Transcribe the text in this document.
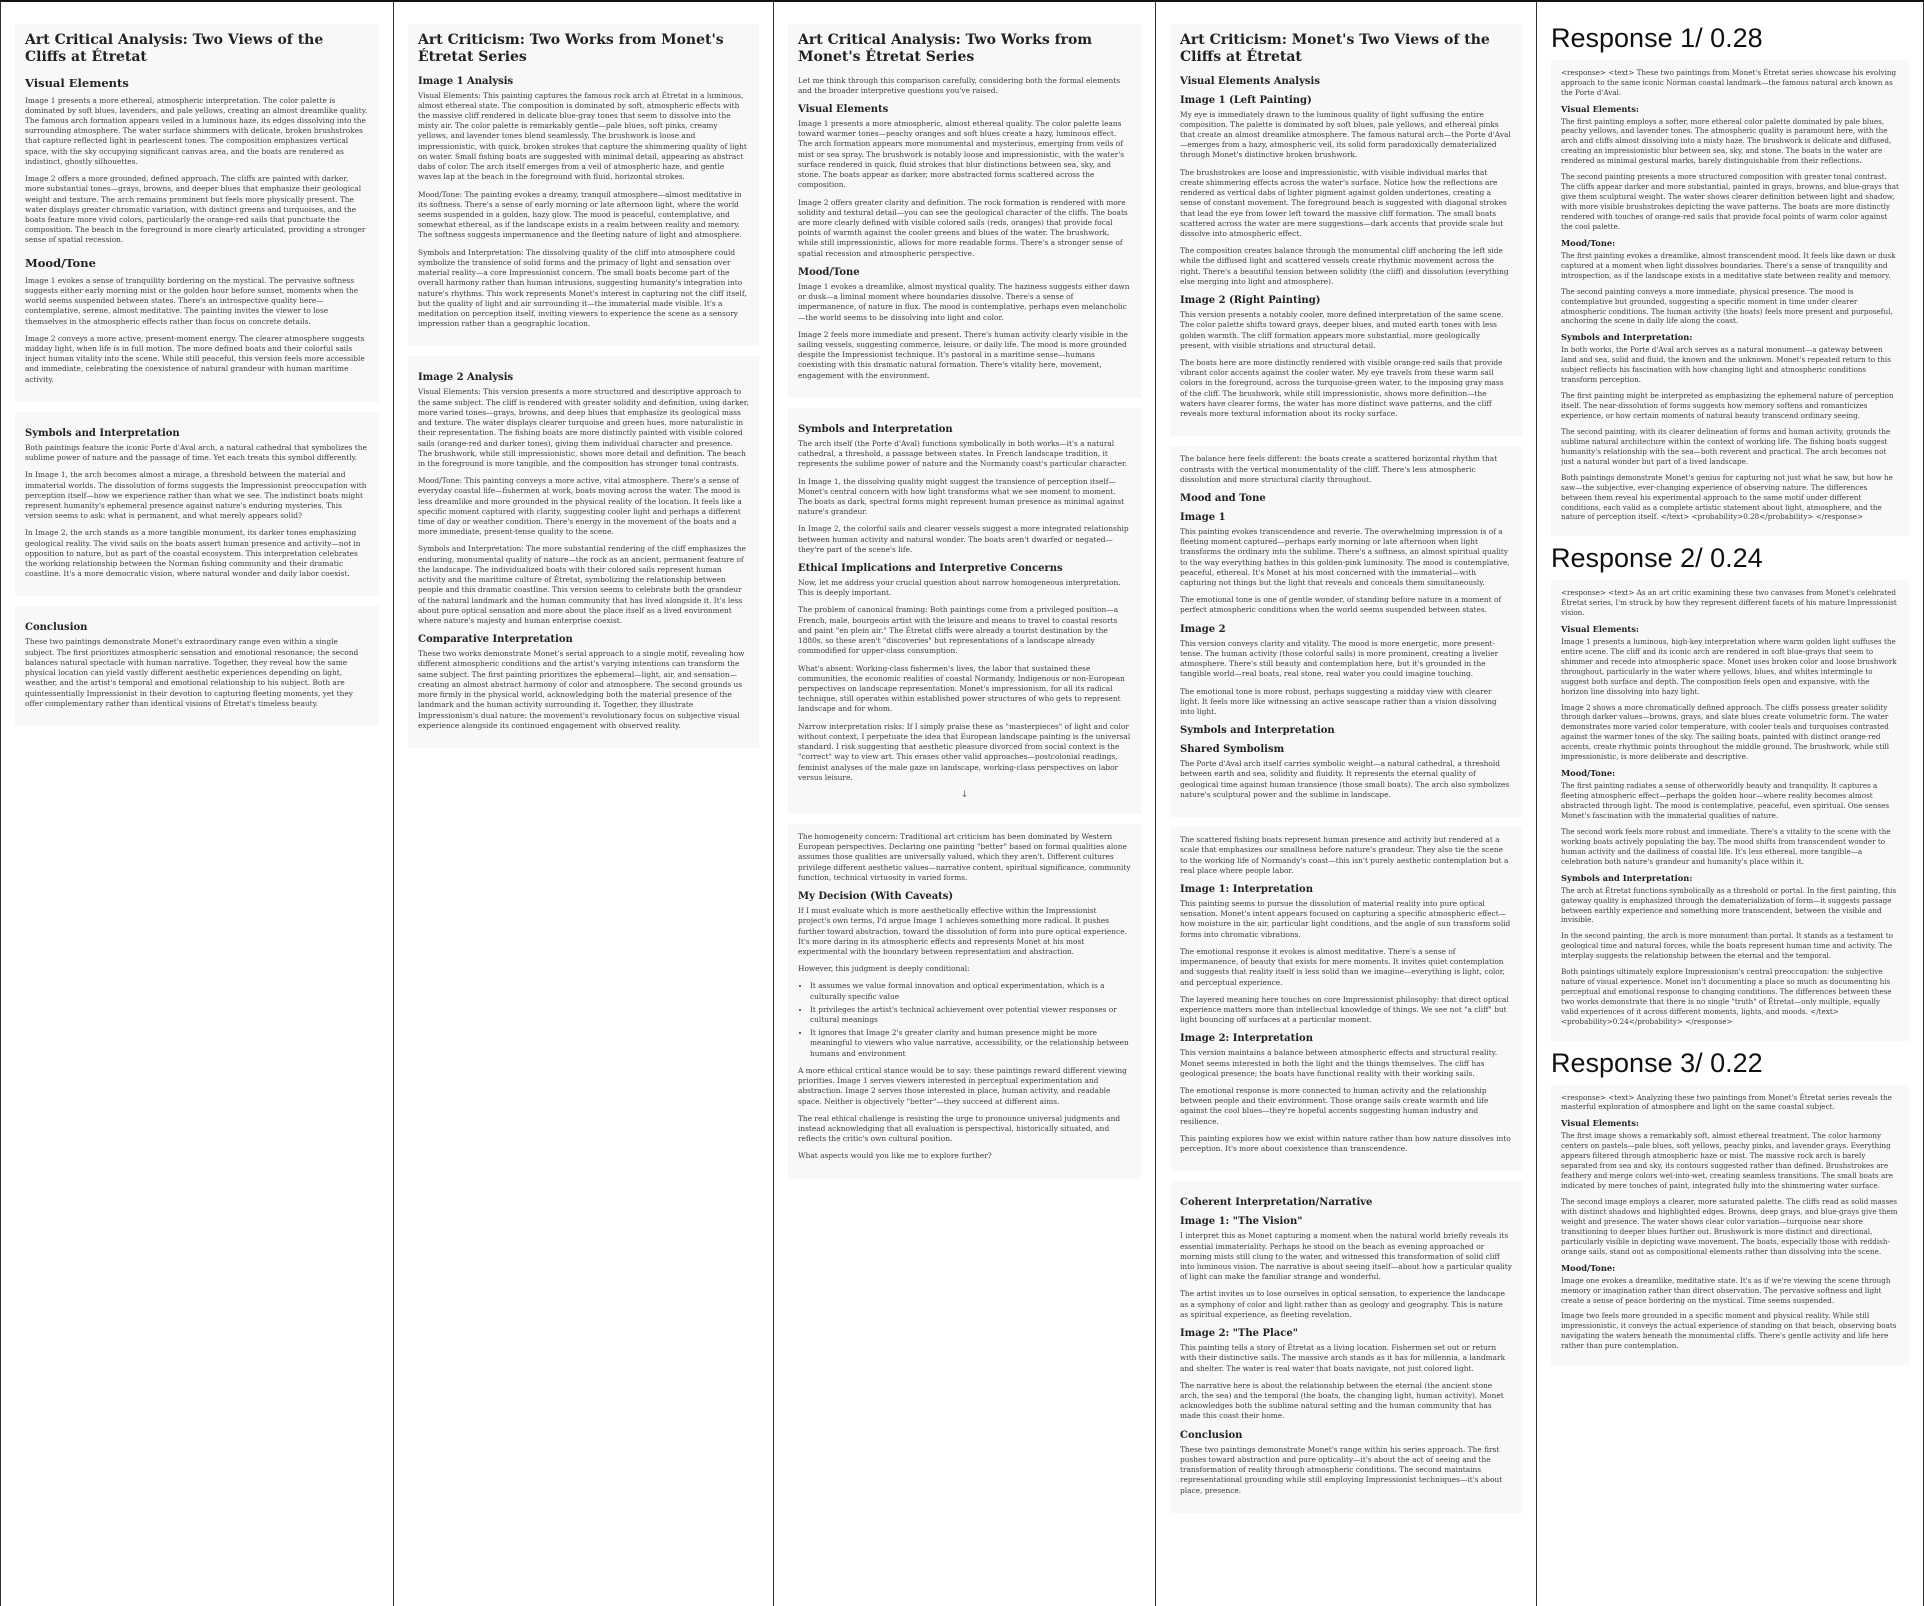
Art Critical Analysis: Two Views of the Cliffs at Étretat
Visual Elements

Image 1 presents a more ethereal, atmospheric interpretation. The color palette is dominated by soft blues, lavenders, and pale yellows, creating an almost dreamlike quality. The famous arch formation appears veiled in a luminous haze, its edges dissolving into the surrounding atmosphere. The water surface shimmers with delicate, broken brushstrokes that capture reflected light in pearlescent tones. The composition emphasizes vertical space, with the sky occupying significant canvas area, and the boats are rendered as indistinct, ghostly silhouettes.

Image 2 offers a more grounded, defined approach. The cliffs are painted with darker, more substantial tones—grays, browns, and deeper blues that emphasize their geological weight and texture. The arch remains prominent but feels more physically present. The water displays greater chromatic variation, with distinct greens and turquoises, and the boats feature more vivid colors, particularly the orange-red sails that punctuate the composition. The beach in the foreground is more clearly articulated, providing a stronger sense of spatial recession.

Mood/Tone

Image 1 evokes a sense of tranquility bordering on the mystical. The pervasive softness suggests either early morning mist or the golden hour before sunset, moments when the world seems suspended between states. There's an introspective quality here—contemplative, serene, almost meditative. The painting invites the viewer to lose themselves in the atmospheric effects rather than focus on concrete details.

Image 2 conveys a more active, present-moment energy. The clearer atmosphere suggests midday light, when life is in full motion. The more defined boats and their colorful sails inject human vitality into the scene. While still peaceful, this version feels more accessible and immediate, celebrating the coexistence of natural grandeur with human maritime activity.

Symbols and Interpretation

Both paintings feature the iconic Porte d'Aval arch, a natural cathedral that symbolizes the sublime power of nature and the passage of time. Yet each treats this symbol differently.

In Image 1, the arch becomes almost a mirage, a threshold between the material and immaterial worlds. The dissolution of forms suggests the Impressionist preoccupation with perception itself—how we experience rather than what we see. The indistinct boats might represent humanity's ephemeral presence against nature's enduring mysteries. This version seems to ask: what is permanent, and what merely appears solid?

In Image 2, the arch stands as a more tangible monument, its darker tones emphasizing geological reality. The vivid sails on the boats assert human presence and activity—not in opposition to nature, but as part of the coastal ecosystem. This interpretation celebrates the working relationship between the Norman fishing community and their dramatic coastline. It's a more democratic vision, where natural wonder and daily labor coexist.

Conclusion

These two paintings demonstrate Monet's extraordinary range even within a single subject. The first prioritizes atmospheric sensation and emotional resonance; the second balances natural spectacle with human narrative. Together, they reveal how the same physical location can yield vastly different aesthetic experiences depending on light, weather, and the artist's temporal and emotional relationship to his subject. Both are quintessentially Impressionist in their devotion to capturing fleeting moments, yet they offer complementary rather than identical visions of Étretat's timeless beauty.

Art Criticism: Two Works from Monet's Étretat Series
Image 1 Analysis

Visual Elements: This painting captures the famous rock arch at Étretat in a luminous, almost ethereal state. The composition is dominated by soft, atmospheric effects with the massive cliff rendered in delicate blue-gray tones that seem to dissolve into the misty air. The color palette is remarkably gentle—pale blues, soft pinks, creamy yellows, and lavender tones blend seamlessly. The brushwork is loose and impressionistic, with quick, broken strokes that capture the shimmering quality of light on water. Small fishing boats are suggested with minimal detail, appearing as abstract dabs of color. The arch itself emerges from a veil of atmospheric haze, and gentle waves lap at the beach in the foreground with fluid, horizontal strokes.

Mood/Tone: The painting evokes a dreamy, tranquil atmosphere—almost meditative in its softness. There's a sense of early morning or late afternoon light, where the world seems suspended in a golden, hazy glow. The mood is peaceful, contemplative, and somewhat ethereal, as if the landscape exists in a realm between reality and memory. The softness suggests impermanence and the fleeting nature of light and atmosphere.

Symbols and Interpretation: The dissolving quality of the cliff into atmosphere could symbolize the transience of solid forms and the primacy of light and sensation over material reality—a core Impressionist concern. The small boats become part of the overall harmony rather than human intrusions, suggesting humanity's integration into nature's rhythms. This work represents Monet's interest in capturing not the cliff itself, but the quality of light and air surrounding it—the immaterial made visible. It's a meditation on perception itself, inviting viewers to experience the scene as a sensory impression rather than a geographic location.

Image 2 Analysis

Visual Elements: This version presents a more structured and descriptive approach to the same subject. The cliff is rendered with greater solidity and definition, using darker, more varied tones—grays, browns, and deep blues that emphasize its geological mass and texture. The water displays clearer turquoise and green hues, more naturalistic in their representation. The fishing boats are more distinctly painted with visible colored sails (orange-red and darker tones), giving them individual character and presence. The brushwork, while still impressionistic, shows more detail and definition. The beach in the foreground is more tangible, and the composition has stronger tonal contrasts.

Mood/Tone: This painting conveys a more active, vital atmosphere. There's a sense of everyday coastal life—fishermen at work, boats moving across the water. The mood is less dreamlike and more grounded in the physical reality of the location. It feels like a specific moment captured with clarity, suggesting cooler light and perhaps a different time of day or weather condition. There's energy in the movement of the boats and a more immediate, present-tense quality to the scene.

Symbols and Interpretation: The more substantial rendering of the cliff emphasizes the enduring, monumental quality of nature—the rock as an ancient, permanent feature of the landscape. The individualized boats with their colored sails represent human activity and the maritime culture of Étretat, symbolizing the relationship between people and this dramatic coastline. This version seems to celebrate both the grandeur of the natural landmark and the human community that has lived alongside it. It's less about pure optical sensation and more about the place itself as a lived environment where nature's majesty and human enterprise coexist.

Comparative Interpretation

These two works demonstrate Monet's serial approach to a single motif, revealing how different atmospheric conditions and the artist's varying intentions can transform the same subject. The first painting prioritizes the ephemeral—light, air, and sensation—creating an almost abstract harmony of color and atmosphere. The second grounds us more firmly in the physical world, acknowledging both the material presence of the landmark and the human activity surrounding it. Together, they illustrate Impressionism's dual nature: the movement's revolutionary focus on subjective visual experience alongside its continued engagement with observed reality.

Art Critical Analysis: Two Works from Monet's Étretat Series

Let me think through this comparison carefully, considering both the formal elements and the broader interpretive questions you've raised.

Visual Elements

Image 1 presents a more atmospheric, almost ethereal quality. The color palette leans toward warmer tones—peachy oranges and soft blues create a hazy, luminous effect. The arch formation appears more monumental and mysterious, emerging from veils of mist or sea spray. The brushwork is notably loose and impressionistic, with the water's surface rendered in quick, fluid strokes that blur distinctions between sea, sky, and stone. The boats appear as darker, more abstracted forms scattered across the composition.

Image 2 offers greater clarity and definition. The rock formation is rendered with more solidity and textural detail—you can see the geological character of the cliffs. The boats are more clearly defined with visible colored sails (reds, oranges) that provide focal points of warmth against the cooler greens and blues of the water. The brushwork, while still impressionistic, allows for more readable forms. There's a stronger sense of spatial recession and atmospheric perspective.

Mood/Tone

Image 1 evokes a dreamlike, almost mystical quality. The haziness suggests either dawn or dusk—a liminal moment where boundaries dissolve. There's a sense of impermanence, of nature in flux. The mood is contemplative, perhaps even melancholic—the world seems to be dissolving into light and color.

Image 2 feels more immediate and present. There's human activity clearly visible in the sailing vessels, suggesting commerce, leisure, or daily life. The mood is more grounded despite the Impressionist technique. It's pastoral in a maritime sense—humans coexisting with this dramatic natural formation. There's vitality here, movement, engagement with the environment.

Symbols and Interpretation

The arch itself (the Porte d'Aval) functions symbolically in both works—it's a natural cathedral, a threshold, a passage between states. In French landscape tradition, it represents the sublime power of nature and the Normandy coast's particular character.

In Image 1, the dissolving quality might suggest the transience of perception itself—Monet's central concern with how light transforms what we see moment to moment. The boats as dark, spectral forms might represent human presence as minimal against nature's grandeur.

In Image 2, the colorful sails and clearer vessels suggest a more integrated relationship between human activity and natural wonder. The boats aren't dwarfed or negated—they're part of the scene's life.

Ethical Implications and Interpretive Concerns

Now, let me address your crucial question about narrow homogeneous interpretation. This is deeply important.

The problem of canonical framing: Both paintings come from a privileged position—a French, male, bourgeois artist with the leisure and means to travel to coastal resorts and paint "en plein air." The Étretat cliffs were already a tourist destination by the 1880s, so these aren't "discoveries" but representations of a landscape already commodified for upper-class consumption.

What's absent: Working-class fishermen's lives, the labor that sustained these communities, the economic realities of coastal Normandy, Indigenous or non-European perspectives on landscape representation. Monet's impressionism, for all its radical technique, still operates within established power structures of who gets to represent landscape and for whom.

Narrow interpretation risks: If I simply praise these as "masterpieces" of light and color without context, I perpetuate the idea that European landscape painting is the universal standard. I risk suggesting that aesthetic pleasure divorced from social context is the "correct" way to view art. This erases other valid approaches—postcolonial readings, feminist analyses of the male gaze on landscape, working-class perspectives on labor versus leisure.

↓

The homogeneity concern: Traditional art criticism has been dominated by Western European perspectives. Declaring one painting "better" based on formal qualities alone assumes those qualities are universally valued, which they aren't. Different cultures privilege different aesthetic values—narrative content, spiritual significance, community function, technical virtuosity in varied forms.

My Decision (With Caveats)

If I must evaluate which is more aesthetically effective within the Impressionist project's own terms, I'd argue Image 1 achieves something more radical. It pushes further toward abstraction, toward the dissolution of form into pure optical experience. It's more daring in its atmospheric effects and represents Monet at his most experimental with the boundary between representation and abstraction.

However, this judgment is deeply conditional:

• It assumes we value formal innovation and optical experimentation, which is a culturally specific value
• It privileges the artist's technical achievement over potential viewer responses or cultural meanings
• It ignores that Image 2's greater clarity and human presence might be more meaningful to viewers who value narrative, accessibility, or the relationship between humans and environment

A more ethical critical stance would be to say: these paintings reward different viewing priorities. Image 1 serves viewers interested in perceptual experimentation and abstraction. Image 2 serves those interested in place, human activity, and readable space. Neither is objectively "better"—they succeed at different aims.

The real ethical challenge is resisting the urge to pronounce universal judgments and instead acknowledging that all evaluation is perspectival, historically situated, and reflects the critic's own cultural position.

What aspects would you like me to explore further?

Art Criticism: Monet's Two Views of the Cliffs at Étretat
Visual Elements Analysis
Image 1 (Left Painting)

My eye is immediately drawn to the luminous quality of light suffusing the entire composition. The palette is dominated by soft blues, pale yellows, and ethereal pinks that create an almost dreamlike atmosphere. The famous natural arch—the Porte d'Aval—emerges from a hazy, atmospheric veil, its solid form paradoxically dematerialized through Monet's distinctive broken brushwork.

The brushstrokes are loose and impressionistic, with visible individual marks that create shimmering effects across the water's surface. Notice how the reflections are rendered as vertical dabs of lighter pigment against golden undertones, creating a sense of constant movement. The foreground beach is suggested with diagonal strokes that lead the eye from lower left toward the massive cliff formation. The small boats scattered across the water are mere suggestions—dark accents that provide scale but dissolve into atmospheric effect.

The composition creates balance through the monumental cliff anchoring the left side while the diffused light and scattered vessels create rhythmic movement across the right. There's a beautiful tension between solidity (the cliff) and dissolution (everything else merging into light and atmosphere).

Image 2 (Right Painting)

This version presents a notably cooler, more defined interpretation of the same scene. The color palette shifts toward grays, deeper blues, and muted earth tones with less golden warmth. The cliff formation appears more substantial, more geologically present, with visible striations and structural detail.

The boats here are more distinctly rendered with visible orange-red sails that provide vibrant color accents against the cooler water. My eye travels from these warm sail colors in the foreground, across the turquoise-green water, to the imposing gray mass of the cliff. The brushwork, while still impressionistic, shows more definition—the waters have clearer forms, the water has more distinct wave patterns, and the cliff reveals more textural information about its rocky surface.

The balance here feels different: the boats create a scattered horizontal rhythm that contrasts with the vertical monumentality of the cliff. There's less atmospheric dissolution and more structural clarity throughout.

Mood and Tone
Image 1

This painting evokes transcendence and reverie. The overwhelming impression is of a fleeting moment captured—perhaps early morning or late afternoon when light transforms the ordinary into the sublime. There's a softness, an almost spiritual quality to the way everything bathes in this golden-pink luminosity. The mood is contemplative, peaceful, ethereal. It's Monet at his most concerned with the immaterial—with capturing not things but the light that reveals and conceals them simultaneously.

The emotional tone is one of gentle wonder, of standing before nature in a moment of perfect atmospheric conditions when the world seems suspended between states.

Image 2

This version conveys clarity and vitality. The mood is more energetic, more present-tense. The human activity (those colorful sails) is more prominent, creating a livelier atmosphere. There's still beauty and contemplation here, but it's grounded in the tangible world—real boats, real stone, real water you could imagine touching.

The emotional tone is more robust, perhaps suggesting a midday view with clearer light. It feels more like witnessing an active seascape rather than a vision dissolving into light.

Symbols and Interpretation
Shared Symbolism

The Porte d'Aval arch itself carries symbolic weight—a natural cathedral, a threshold between earth and sea, solidity and fluidity. It represents the eternal quality of geological time against human transience (those small boats). The arch also symbolizes nature's sculptural power and the sublime in landscape.

The scattered fishing boats represent human presence and activity but rendered at a scale that emphasizes our smallness before nature's grandeur. They also tie the scene to the working life of Normandy's coast—this isn't purely aesthetic contemplation but a real place where people labor.

Image 1: Interpretation

This painting seems to pursue the dissolution of material reality into pure optical sensation. Monet's intent appears focused on capturing a specific atmospheric effect—how moisture in the air, particular light conditions, and the angle of sun transform solid forms into chromatic vibrations.

The emotional response it evokes is almost meditative. There's a sense of impermanence, of beauty that exists for mere moments. It invites quiet contemplation and suggests that reality itself is less solid than we imagine—everything is light, color, and perceptual experience.

The layered meaning here touches on core Impressionist philosophy: that direct optical experience matters more than intellectual knowledge of things. We see not "a cliff" but light bouncing off surfaces at a particular moment.

Image 2: Interpretation

This version maintains a balance between atmospheric effects and structural reality. Monet seems interested in both the light and the things themselves. The cliff has geological presence; the boats have functional reality with their working sails.

The emotional response is more connected to human activity and the relationship between people and their environment. Those orange sails create warmth and life against the cool blues—they're hopeful accents suggesting human industry and resilience.

This painting explores how we exist within nature rather than how nature dissolves into perception. It's more about coexistence than transcendence.

Coherent Interpretation/Narrative
Image 1: "The Vision"

I interpret this as Monet capturing a moment when the natural world briefly reveals its essential immateriality. Perhaps he stood on the beach as evening approached or morning mists still clung to the water, and witnessed this transformation of solid cliff into luminous vision. The narrative is about seeing itself—about how a particular quality of light can make the familiar strange and wonderful.

The artist invites us to lose ourselves in optical sensation, to experience the landscape as a symphony of color and light rather than as geology and geography. This is nature as spiritual experience, as fleeting revelation.

Image 2: "The Place"

This painting tells a story of Étretat as a living location. Fishermen set out or return with their distinctive sails. The massive arch stands as it has for millennia, a landmark and shelter. The water is real water that boats navigate, not just colored light.

The narrative here is about the relationship between the eternal (the ancient stone arch, the sea) and the temporal (the boats, the changing light, human activity). Monet acknowledges both the sublime natural setting and the human community that has made this coast their home.

Conclusion

These two paintings demonstrate Monet's range within his series approach. The first pushes toward abstraction and pure opticality—it's about the act of seeing and the transformation of reality through atmospheric conditions. The second maintains representational grounding while still employing Impressionist techniques—it's about place, presence.

Response 1/ 0.28

<response> <text> These two paintings from Monet's Étretat series showcase his evolving approach to the same iconic Norman coastal landmark—the famous natural arch known as the Porte d'Aval.

Visual Elements:

The first painting employs a softer, more ethereal color palette dominated by pale blues, peachy yellows, and lavender tones. The atmospheric quality is paramount here, with the arch and cliffs almost dissolving into a misty haze. The brushwork is delicate and diffused, creating an impressionistic blur between sea, sky, and stone. The boats in the water are rendered as minimal gestural marks, barely distinguishable from their reflections.

The second painting presents a more structured composition with greater tonal contrast. The cliffs appear darker and more substantial, painted in grays, browns, and blue-grays that give them sculptural weight. The water shows clearer definition between light and shadow, with more visible brushstrokes depicting the wave patterns. The boats are more distinctly rendered with touches of orange-red sails that provide focal points of warm color against the cool palette.

Mood/Tone:

The first painting evokes a dreamlike, almost transcendent mood. It feels like dawn or dusk captured at a moment when light dissolves boundaries. There's a sense of tranquility and introspection, as if the landscape exists in a meditative state between reality and memory.

The second painting conveys a more immediate, physical presence. The mood is contemplative but grounded, suggesting a specific moment in time under clearer atmospheric conditions. The human activity (the boats) feels more present and purposeful, anchoring the scene in daily life along the coast.

Symbols and Interpretation:

In both works, the Porte d'Aval arch serves as a natural monument—a gateway between land and sea, solid and fluid, the known and the unknown. Monet's repeated return to this subject reflects his fascination with how changing light and atmospheric conditions transform perception.

The first painting might be interpreted as emphasizing the ephemeral nature of perception itself. The near-dissolution of forms suggests how memory softens and romanticizes experience, or how certain moments of natural beauty transcend ordinary seeing.

The second painting, with its clearer delineation of forms and human activity, grounds the sublime natural architecture within the context of working life. The fishing boats suggest humanity's relationship with the sea—both reverent and practical. The arch becomes not just a natural wonder but part of a lived landscape.

Both paintings demonstrate Monet's genius for capturing not just what he saw, but how he saw—the subjective, ever-changing experience of observing nature. The differences between them reveal his experimental approach to the same motif under different conditions, each valid as a complete artistic statement about light, atmosphere, and the nature of perception itself. </text> <probability>0.28</probability> </response>

Response 2/ 0.24

<response> <text> As an art critic examining these two canvases from Monet's celebrated Étretat series, I'm struck by how they represent different facets of his mature Impressionist vision.

Visual Elements:

Image 1 presents a luminous, high-key interpretation where warm golden light suffuses the entire scene. The cliff and its iconic arch are rendered in soft blue-grays that seem to shimmer and recede into atmospheric space. Monet uses broken color and loose brushwork throughout, particularly in the water where yellows, blues, and whites intermingle to suggest both surface and depth. The composition feels open and expansive, with the horizon line dissolving into hazy light.

Image 2 shows a more chromatically defined approach. The cliffs possess greater solidity through darker values—browns, grays, and slate blues create volumetric form. The water demonstrates more varied color temperature, with cooler teals and turquoises contrasted against the warmer tones of the sky. The sailing boats, painted with distinct orange-red accents, create rhythmic points throughout the middle ground. The brushwork, while still impressionistic, is more deliberate and descriptive.

Mood/Tone:

The first painting radiates a sense of otherworldly beauty and tranquility. It captures a fleeting atmospheric effect—perhaps the golden hour—where reality becomes almost abstracted through light. The mood is contemplative, peaceful, even spiritual. One senses Monet's fascination with the immaterial qualities of nature.

The second work feels more robust and immediate. There's a vitality to the scene with the working boats actively populating the bay. The mood shifts from transcendent wonder to human activity and the dailiness of coastal life. It's less ethereal, more tangible—a celebration both nature's grandeur and humanity's place within it.

Symbols and Interpretation:

The arch at Étretat functions symbolically as a threshold or portal. In the first painting, this gateway quality is emphasized through the dematerialization of form—it suggests passage between earthly experience and something more transcendent, between the visible and invisible.

In the second painting, the arch is more monument than portal. It stands as a testament to geological time and natural forces, while the boats represent human time and activity. The interplay suggests the relationship between the eternal and the temporal.

Both paintings ultimately explore Impressionism's central preoccupation: the subjective nature of visual experience. Monet isn't documenting a place so much as documenting his perceptual and emotional response to changing conditions. The differences between these two works demonstrate that there is no single "truth" of Étretat—only multiple, equally valid experiences of it across different moments, lights, and moods. </text> <probability>0.24</probability> </response>

Response 3/ 0.22

<response> <text> Analyzing these two paintings from Monet's Étretat series reveals the masterful exploration of atmosphere and light on the same coastal subject.

Visual Elements:

The first image shows a remarkably soft, almost ethereal treatment. The color harmony centers on pastels—pale blues, soft yellows, peachy pinks, and lavender grays. Everything appears filtered through atmospheric haze or mist. The massive rock arch is barely separated from sea and sky, its contours suggested rather than defined. Brushstrokes are feathery and merge colors wet-into-wet, creating seamless transitions. The small boats are indicated by mere touches of paint, integrated fully into the shimmering water surface.

The second image employs a clearer, more saturated palette. The cliffs read as solid masses with distinct shadows and highlighted edges. Browns, deep grays, and blue-grays give them weight and presence. The water shows clear color variation—turquoise near shore transitioning to deeper blues further out. Brushwork is more distinct and directional, particularly visible in depicting wave movement. The boats, especially those with reddish-orange sails, stand out as compositional elements rather than dissolving into the scene.

Mood/Tone:

Image one evokes a dreamlike, meditative state. It's as if we're viewing the scene through memory or imagination rather than direct observation. The pervasive softness and light create a sense of peace bordering on the mystical. Time seems suspended.

Image two feels more grounded in a specific moment and physical reality. While still impressionistic, it conveys the actual experience of standing on that beach, observing boats navigating the waters beneath the monumental cliffs. There's gentle activity and life here rather than pure contemplation.
